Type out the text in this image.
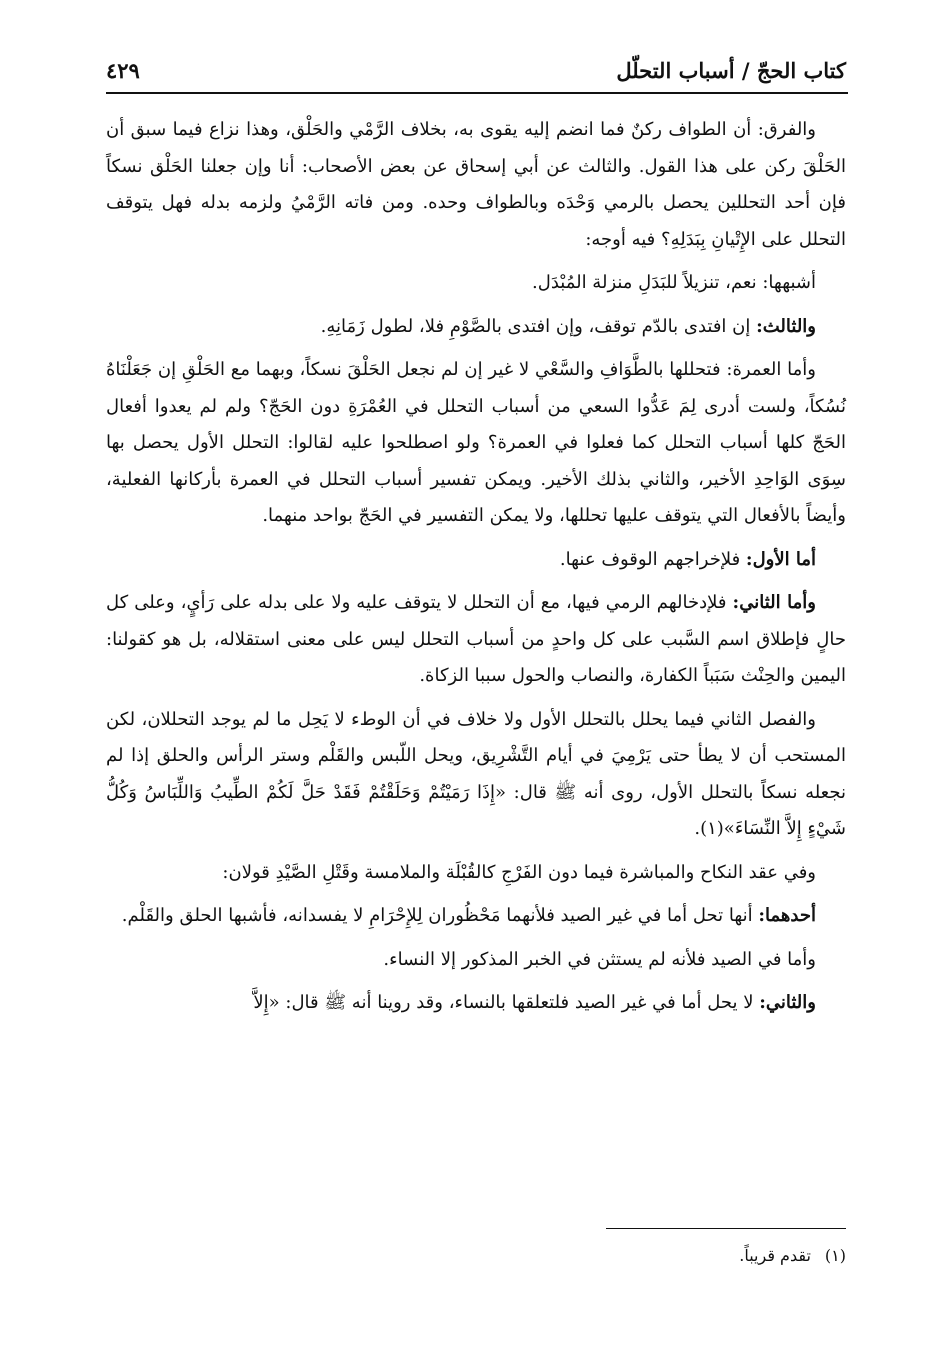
كتاب الحجّ / أسباب التحلّل
٤٢٩

والفرق: أن الطواف ركنٌ فما انضم إليه يقوى به، بخلاف الرَّمْي والحَلْق، وهذا نزاع فيما سبق أن الحَلْقَ ركن على هذا القول. والثالث عن أبي إسحاق عن بعض الأصحاب: أنا وإن جعلنا الحَلْق نسكاً فإن أحد التحللين يحصل بالرمي وَحْدَه وبالطواف وحده. ومن فاته الرَّمْيُ ولزمه بدله فهل يتوقف التحلل على الإِتْيانِ بِبَدَلِهِ؟ فيه أوجه:

أشبهها: نعم، تنزيلاً للبَدَلِ منزلة المُبْدَل.

والثالث: إن افتدى بالدّم توقف، وإن افتدى بالصَّوْمِ فلا، لطول زَمَانِهِ.

وأما العمرة: فتحللها بالطَّوَافِ والسَّعْي لا غير إن لم نجعل الحَلْقَ نسكاً، وبهما مع الحَلْقِ إن جَعَلْنَاهُ نُسُكاً، ولست أدرى لِمَ عَدُّوا السعي من أسباب التحلل في العُمْرَةِ دون الحَجّ؟ ولم لم يعدوا أفعال الحَجّ كلها أسباب التحلل كما فعلوا في العمرة؟ ولو اصطلحوا عليه لقالوا: التحلل الأول يحصل بها سِوَى الوَاحِدِ الأخير، والثاني بذلك الأخير. ويمكن تفسير أسباب التحلل في العمرة بأركانها الفعلية، وأيضاً بالأفعال التي يتوقف عليها تحللها، ولا يمكن التفسير في الحَجّ بواحد منهما.

أما الأول: فلإخراجهم الوقوف عنها.

وأما الثاني: فلإدخالهم الرمي فيها، مع أن التحلل لا يتوقف عليه ولا على بدله على رَأيٍ، وعلى كل حالٍ فإطلاق اسم السَّبب على كل واحدٍ من أسباب التحلل ليس على معنى استقلاله، بل هو كقولنا: اليمين والحِنْث سَبَباً الكفارة، والنصاب والحول سببا الزكاة.

والفصل الثاني فيما يحلل بالتحلل الأول ولا خلاف في أن الوطء لا يَحِل ما لم يوجد التحللان، لكن المستحب أن لا يطأ حتى يَرْمِيَ في أيام التَّشْرِيق، ويحل اللّبس والقَلْم وستر الرأس والحلق إذا لم نجعله نسكاً بالتحلل الأول، روى أنه ﷺ قال: «إِذَا رَمَيْتُمْ وَحَلَقْتُمْ فَقَدْ حَلَّ لَكُمْ الطِّيبُ وَاللِّبَاسُ وَكُلُّ شَيْءٍ إِلاَّ النِّسَاءَ»(١).

وفي عقد النكاح والمباشرة فيما دون الفَرْجِ كالقُبْلَة والملامسة وقَتْلِ الصَّيْدِ قولان:

أحدهما: أنها تحل أما في غير الصيد فلأنهما مَحْظُوران لِلإِحْرَامِ لا يفسدانه، فأشبها الحلق والقَلْم.

وأما في الصيد فلأنه لم يستثن في الخبر المذكور إلا النساء.

والثاني: لا يحل أما في غير الصيد فلتعلقها بالنساء، وقد روينا أنه ﷺ قال: «إِلاَّ

(١)تقدم قريباً.
